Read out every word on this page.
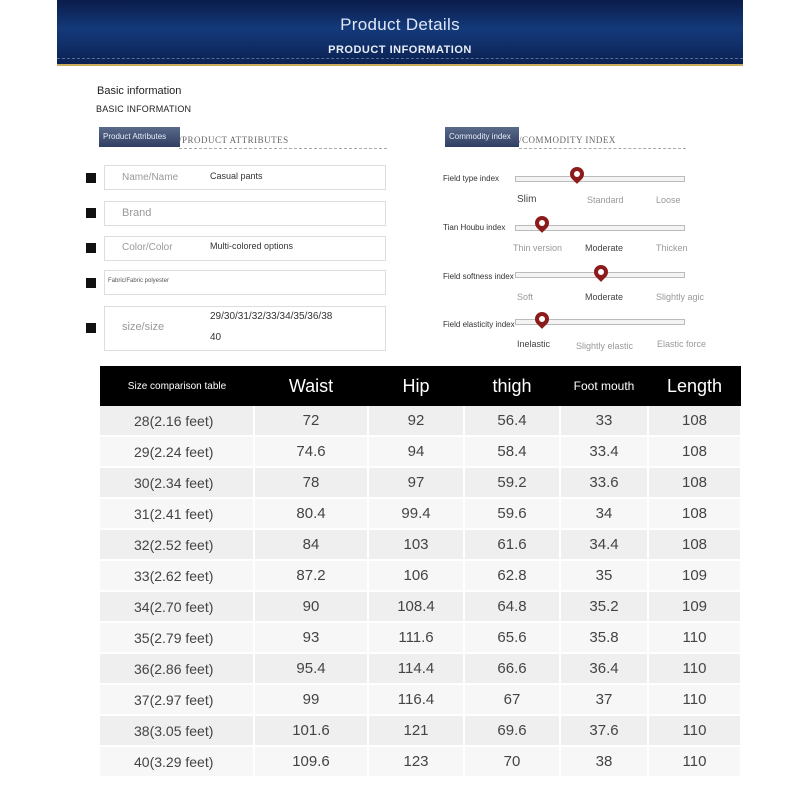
Product Details
PRODUCT INFORMATION
Basic information
BASIC INFORMATION
Product Attributes	/PRODUCT ATTRIBUTES	Commodity index /COMMODITY INDEX
Name/Name	Casual pants
Brand
Color/Color	Multi-colored options
Fabric/Fabric polyester
size/size
29/30/31/32/33/34/35/36/38
40
Field type index
Slim	Standard	Loose
Tian Houbu index
Thin version	Moderate	Thicken
Field softness index
Soft	Moderate	Slightly agic
Field elasticity index
Inelastic	Slightly elastic	Elastic force
Size comparison table	Waist	Hip	thigh	Foot mouth	Length
28(2.16 feet)	72	92	56.4	33	108
29(2.24 feet)	74.6	94	58.4	33.4	108
30(2.34 feet)	78	97	59.2	33.6	108
31(2.41 feet)	80.4	99.4	59.6	34	108
32(2.52 feet)	84	103	61.6	34.4	108
33(2.62 feet)	87.2	106	62.8	35	109
34(2.70 feet)	90	108.4	64.8	35.2	109
35(2.79 feet)	93	111.6	65.6	35.8	110
36(2.86 feet)	95.4	114.4	66.6	36.4	110
37(2.97 feet)	99	116.4	67	37	110
38(3.05 feet)	101.6	121	69.6	37.6	110
40(3.29 feet)	109.6	123	70	38	110
